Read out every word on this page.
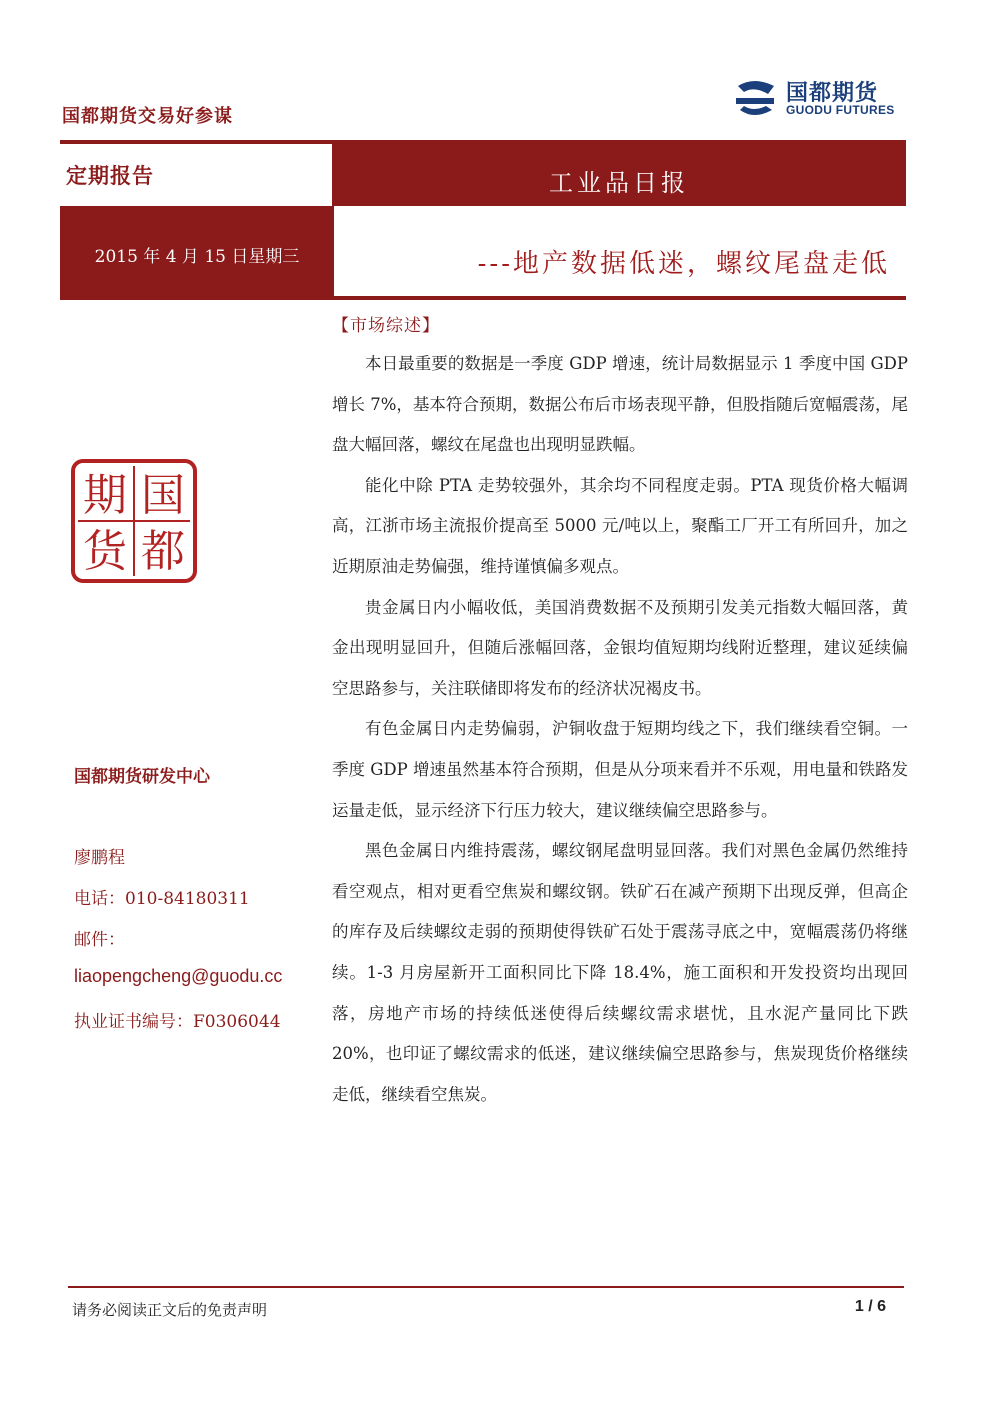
国都期货交易好参谋
国都期货
GUODU FUTURES
定期报告	工业品日报
2015 年 4 月 15 日星期三	---地产数据低迷，螺纹尾盘走低
国
都
期
货
国都期货研发中心
廖鹏程
电话：010-84180311
邮件：
liaopengcheng@guodu.cc
执业证书编号：F0306044
【市场综述】

本日最重要的数据是一季度 GDP 增速，统计局数据显示 1 季度中国 GDP 增长 7%，基本符合预期，数据公布后市场表现平静，但股指随后宽幅震荡，尾盘大幅回落，螺纹在尾盘也出现明显跌幅。

能化中除 PTA 走势较强外，其余均不同程度走弱。PTA 现货价格大幅调高，江浙市场主流报价提高至 5000 元/吨以上，聚酯工厂开工有所回升，加之近期原油走势偏强，维持谨慎偏多观点。

贵金属日内小幅收低，美国消费数据不及预期引发美元指数大幅回落，黄金出现明显回升，但随后涨幅回落，金银均值短期均线附近整理，建议延续偏空思路参与，关注联储即将发布的经济状况褐皮书。

有色金属日内走势偏弱，沪铜收盘于短期均线之下，我们继续看空铜。一季度 GDP 增速虽然基本符合预期，但是从分项来看并不乐观，用电量和铁路发运量走低，显示经济下行压力较大，建议继续偏空思路参与。

黑色金属日内维持震荡，螺纹钢尾盘明显回落。我们对黑色金属仍然维持看空观点，相对更看空焦炭和螺纹钢。铁矿石在减产预期下出现反弹，但高企的库存及后续螺纹走弱的预期使得铁矿石处于震荡寻底之中，宽幅震荡仍将继续。1-3 月房屋新开工面积同比下降 18.4%，施工面积和开发投资均出现回落，房地产市场的持续低迷使得后续螺纹需求堪忧，且水泥产量同比下跌 20%，也印证了螺纹需求的低迷，建议继续偏空思路参与，焦炭现货价格继续走低，继续看空焦炭。

请务必阅读正文后的免责声明	1 / 6
